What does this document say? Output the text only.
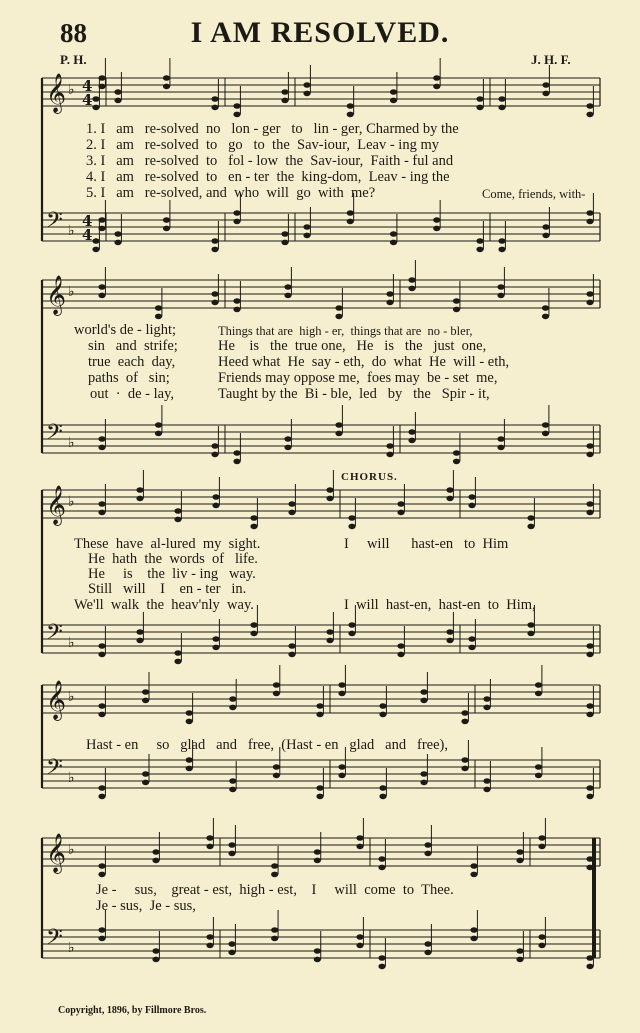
88	I AM RESOLVED.
P. H.	J. H. F.
𝄞 ♭
𝄢 ♭
4
4
4
4
𝄞 ♭
𝄢 ♭
𝄞 ♭
𝄢 ♭
𝄞 ♭
𝄢 ♭
𝄞 ♭
𝄢 ♭
1. I   am   re-solved  no   lon - ger   to   lin - ger, Charmed by the
2. I   am   re-solved  to   go   to  the  Sav-iour,  Leav - ing my
3. I   am   re-solved  to   fol - low  the  Sav-iour,  Faith - ful and
4. I   am   re-solved  to   en - ter  the  king-dom,  Leav - ing the
5. I   am   re-solved, and  who  will  go  with  me?	Come, friends, with-
world's de - light;
sin   and  strife;
true  each  day,
paths  of   sin;
out  ·  de - lay,
Things that are  high - er,  things that are  no - bler,
He    is   the  true one,   He   is   the   just  one,
Heed what  He  say - eth,  do  what  He  will - eth,
Friends may oppose me,  foes may  be - set  me,
Taught by the  Bi - ble,  led   by   the   Spir - it,
CHORUS.
These  have  al-lured  my  sight.
He  hath  the  words  of   life.
He     is    the  liv - ing   way.
Still   will    I    en - ter   in.
We'll  walk  the  heav'nly  way.
I     will      hast-en   to  Him
I  will  hast-en,  hast-en  to  Him,
Hast - en     so   glad   and   free,  (Hast - en   glad   and   free),
Je -     sus,    great - est,  high - est,    I     will  come  to  Thee.
Je - sus,  Je - sus,
Copyright, 1896, by Fillmore Bros.
